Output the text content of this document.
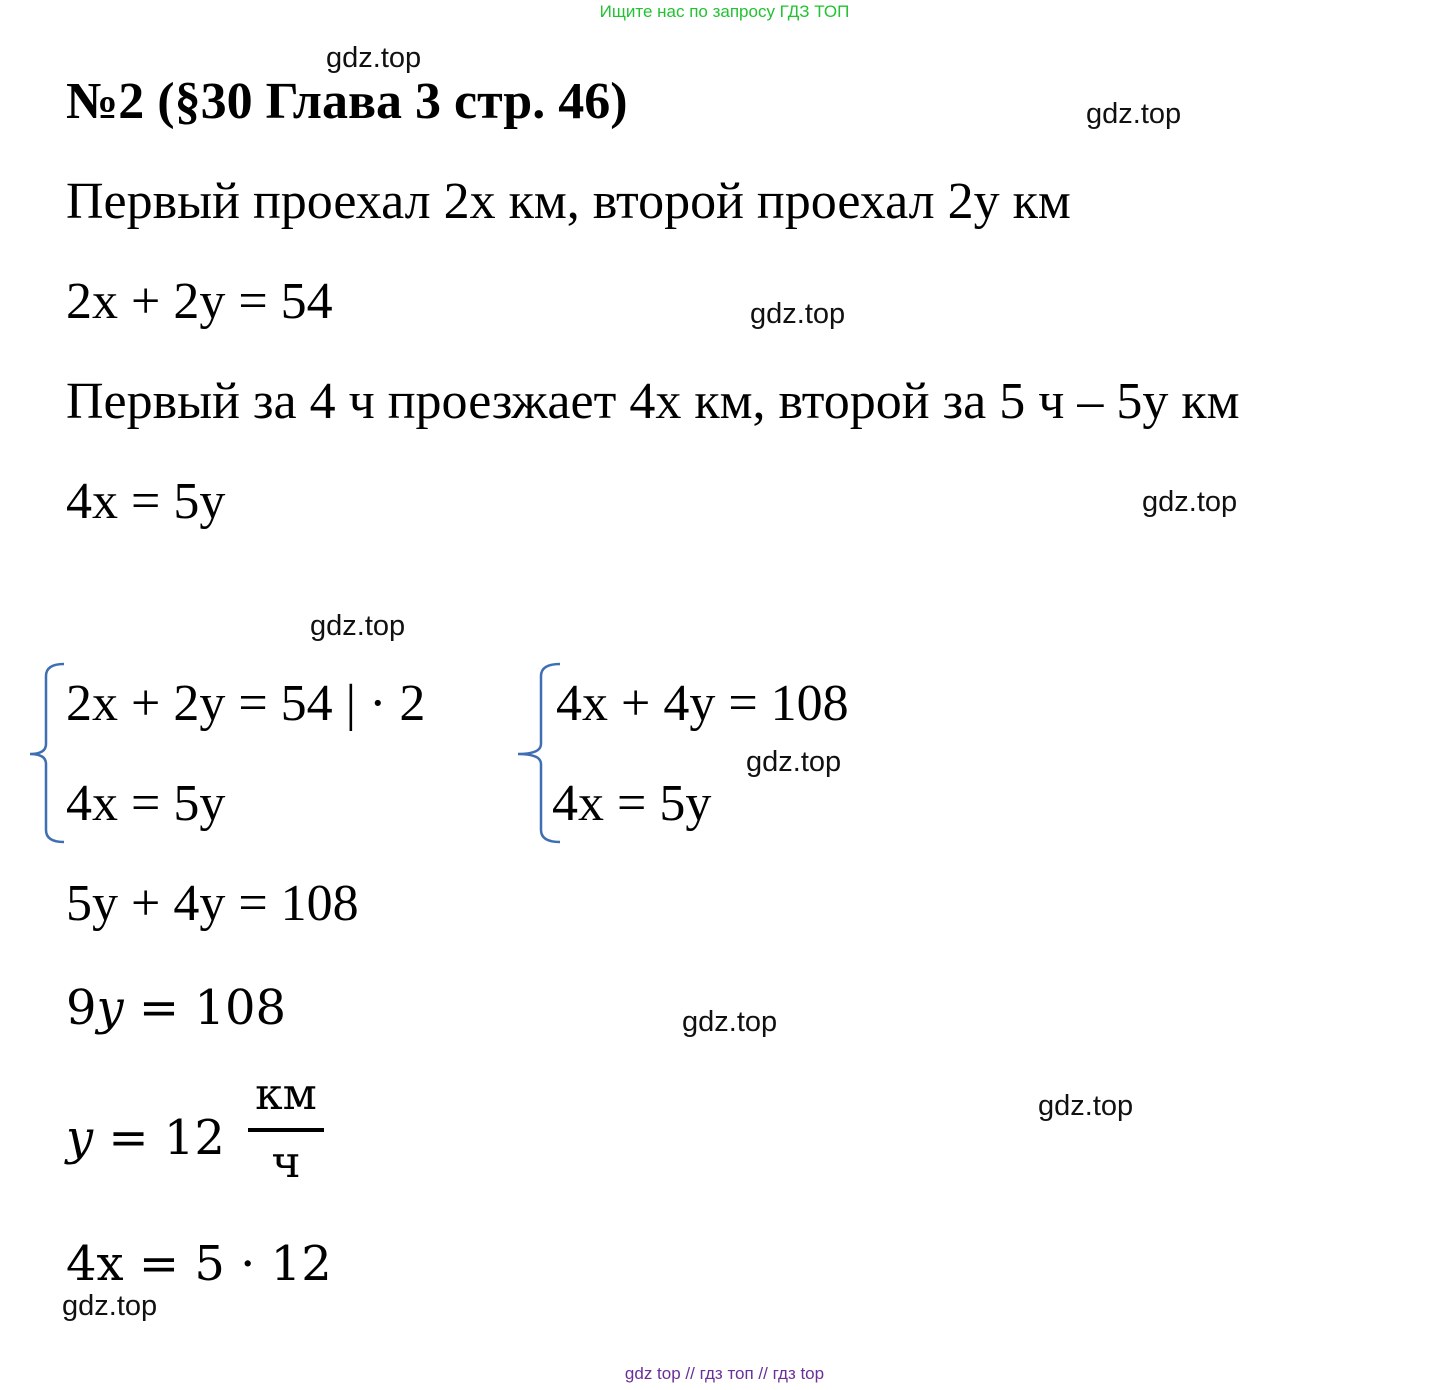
Ищите нас по запросу ГДЗ ТОП
№2 (§30 Глава 3 стр. 46)
Первый проехал 2x км, второй проехал 2y км
2x + 2y = 54
Первый за 4 ч проезжает 4x км, второй за 5 ч – 5y км
4x = 5y
2x + 2y = 54 | · 2
4x = 5y
4x + 4y = 108
4x = 5y
5y + 4y = 108
9y = 108
y = 12
км
ч
4x = 5 · 12
gdz.top
gdz.top
gdz.top
gdz.top
gdz.top
gdz.top
gdz.top
gdz.top
gdz.top
gdz top // гдз топ // гдз top
